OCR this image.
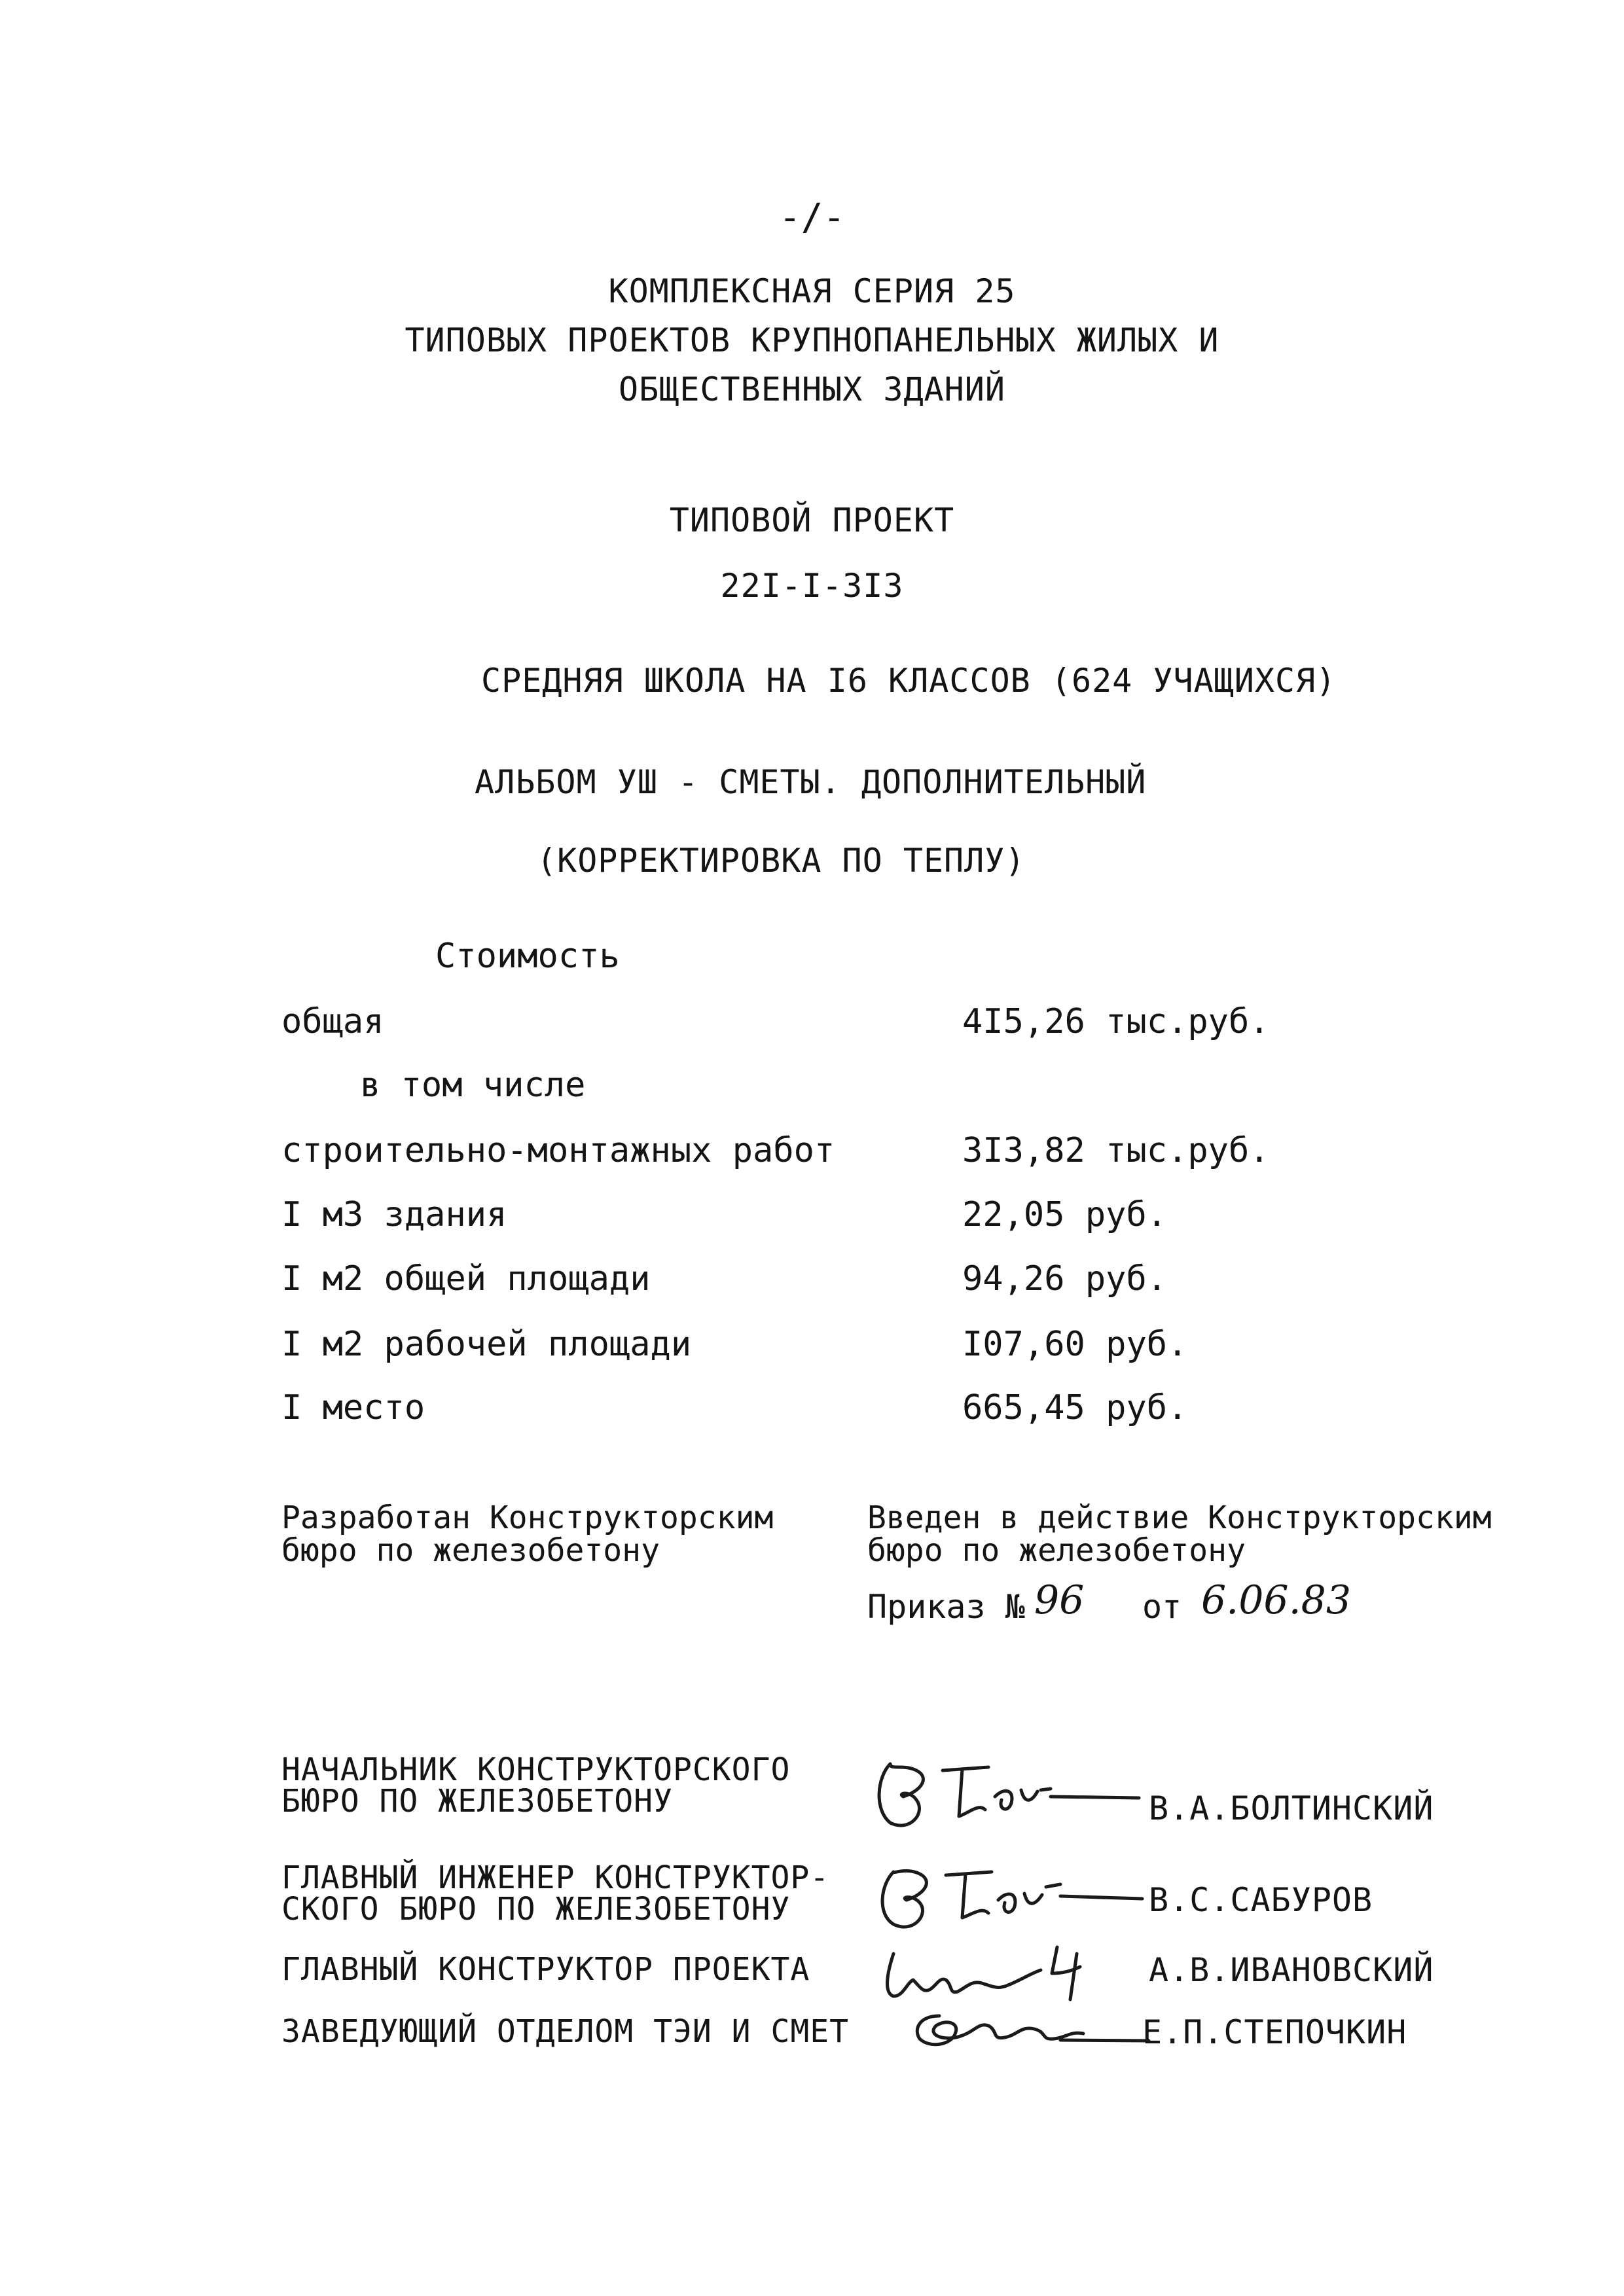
-/-
КОМПЛЕКСНАЯ СЕРИЯ 25
ТИПОВЫХ ПРОЕКТОВ КРУПНОПАНЕЛЬНЫХ ЖИЛЫХ И
ОБЩЕСТВЕННЫХ ЗДАНИЙ
ТИПОВОЙ ПРОЕКТ
22I-I-3I3
СРЕДНЯЯ ШКОЛА НА I6 КЛАССОВ (624 УЧАЩИХСЯ)
АЛЬБОМ УШ - СМЕТЫ. ДОПОЛНИТЕЛЬНЫЙ
(КОРРЕКТИРОВКА ПО ТЕПЛУ)
Стоимость
общая	4I5,26 тыс.руб.
в том числе
строительно-монтажных работ	3I3,82 тыс.руб.
I м3 здания	22,05 руб.
I м2 общей площади	94,26 руб.
I м2 рабочей площади	I07,60 руб.
I место	665,45 руб.
Разработан Конструкторским
бюро по железобетону
Введен в действие Конструкторским
бюро по железобетону
Приказ № 96 от 6.06.83
НАЧАЛЬНИК КОНСТРУКТОРСКОГО
БЮРО ПО ЖЕЛЕЗОБЕТОНУ	В.А.БОЛТИНСКИЙ
ГЛАВНЫЙ ИНЖЕНЕР КОНСТРУКТОР-
СКОГО БЮРО ПО ЖЕЛЕЗОБЕТОНУ	В.С.САБУРОВ
ГЛАВНЫЙ КОНСТРУКТОР ПРОЕКТА	А.В.ИВАНОВСКИЙ
ЗАВЕДУЮЩИЙ ОТДЕЛОМ ТЭИ И СМЕТ	Е.П.СТЕПОЧКИН
